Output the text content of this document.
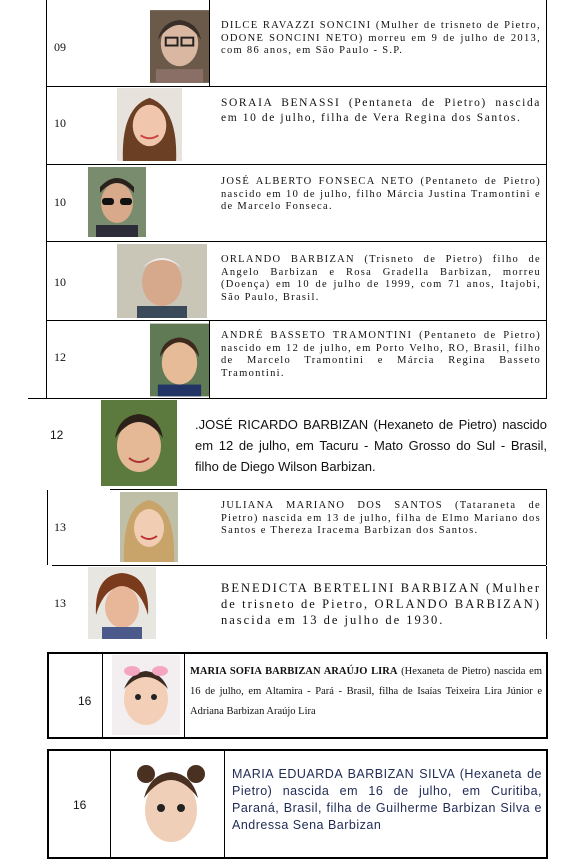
09
DILCE RAVAZZI SONCINI (Mulher de trisneto de Pietro, ODONE SONCINI NETO) morreu em 9 de julho de 2013, com 86 anos, em São Paulo - S.P.
10
SORAIA BENASSI (Pentaneta de Pietro) nascida em 10 de julho, filha de Vera Regina dos Santos.
10
JOSÉ ALBERTO FONSECA NETO (Pentaneto de Pietro) nascido em 10 de julho, filho Márcia Justina Tramontini e de Marcelo Fonseca.
10
ORLANDO BARBIZAN (Trisneto de Pietro) filho de Angelo Barbizan e Rosa Gradella Barbizan, morreu (Doença) em 10 de julho de 1999, com 71 anos, Itajobi, São Paulo, Brasil.
12
ANDRÉ BASSETO TRAMONTINI (Pentaneto de Pietro) nascido em 12 de julho, em Porto Velho, RO, Brasil, filho de Marcelo Tramontini e Márcia Regina Basseto Tramontini.
12
.JOSÉ RICARDO BARBIZAN (Hexaneto de Pietro) nascido em 12 de julho, em Tacuru - Mato Grosso do Sul - Brasil, filho de Diego Wilson Barbizan.
13
JULIANA MARIANO DOS SANTOS (Tataraneta de Pietro) nascida em 13 de julho, filha de Elmo Mariano dos Santos e Thereza Iracema Barbizan dos Santos.
13
BENEDICTA BERTELINI BARBIZAN (Mulher de trisneto de Pietro, ORLANDO BARBIZAN) nascida em 13 de julho de 1930.
16
MARIA SOFIA BARBIZAN ARAÚJO LIRA (Hexaneta de Pietro) nascida em 16 de julho, em Altamira - Pará - Brasil, filha de Isaías Teixeira Lira Júnior e Adriana Barbizan Araújo Lira
16
MARIA EDUARDA BARBIZAN SILVA (Hexaneta de Pietro) nascida em 16 de julho, em Curitiba, Paraná, Brasil, filha de Guilherme Barbizan Silva e Andressa Sena Barbizan
